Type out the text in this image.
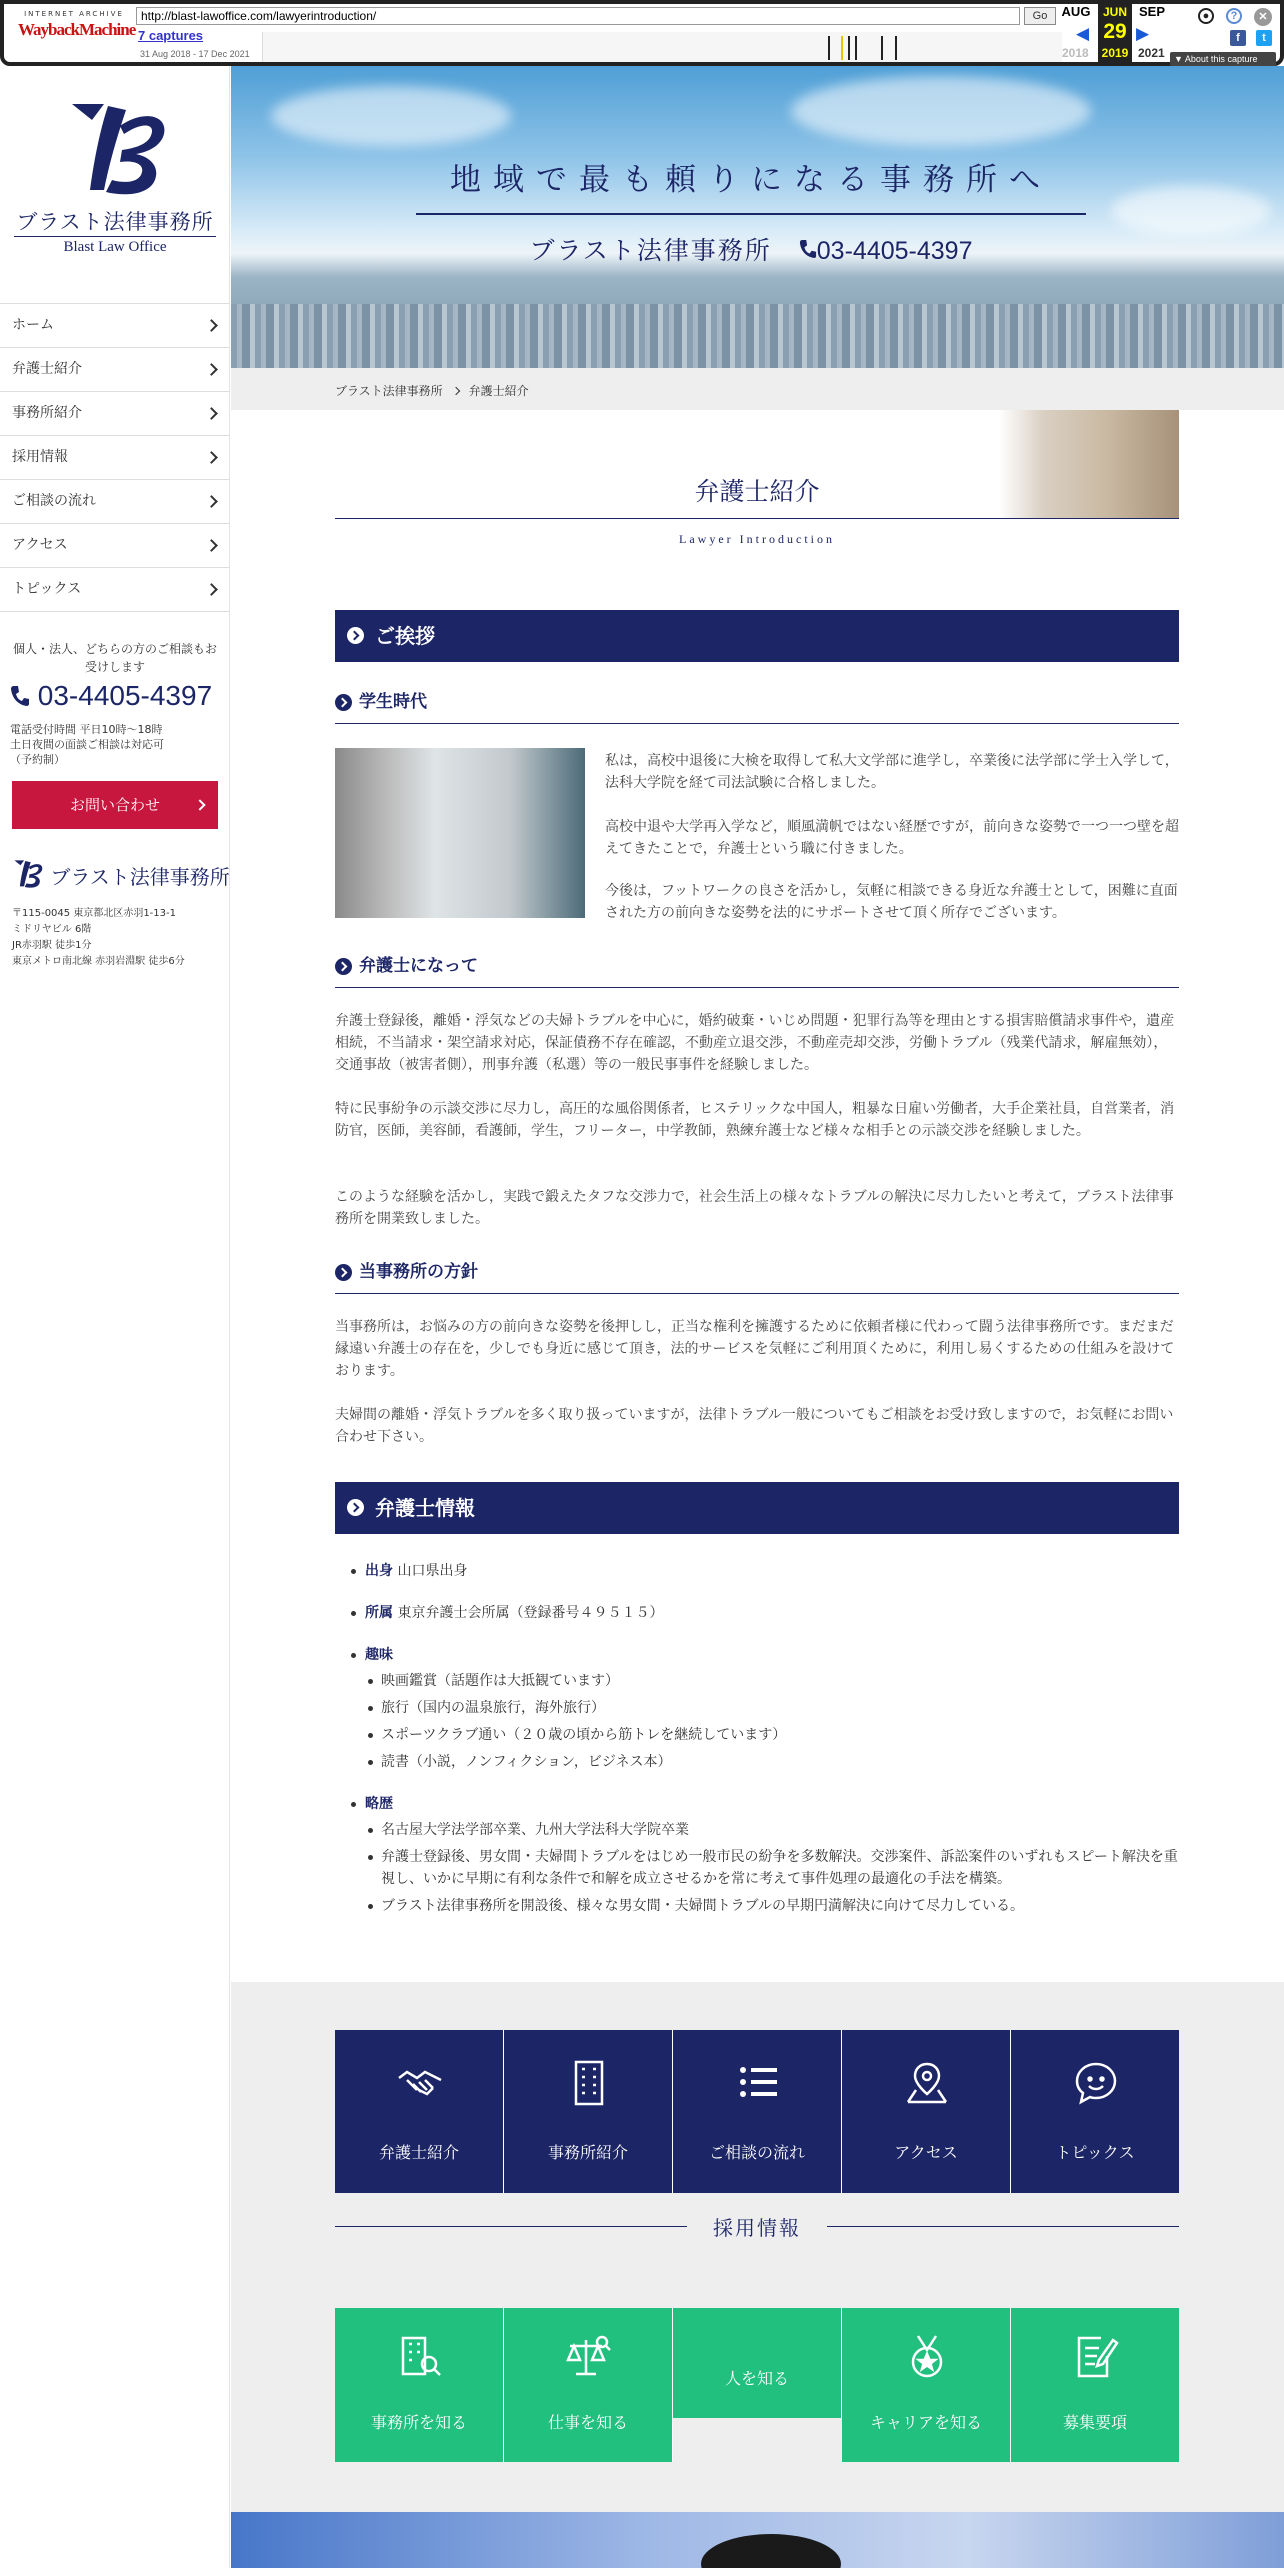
INTERNET ARCHIVE
WaybackMachine
http://blast-lawoffice.com/lawyerintroduction/	Go
7 captures
31 Aug 2018 - 17 Dec 2021
AUG	JUN
29
2019
SEP
2018	2021
◀	▶
▼ About this capture
●	?	✕
f	t
ブラスト法律事務所
Blast Law Office
ホーム
弁護士紹介
事務所紹介
採用情報
ご相談の流れ
アクセス
トピックス
個人・法人、どちらの方のご相談もお受けします
03-4405-4397
電話受付時間 平日10時～18時
土日夜間の面談ご相談は対応可
（予約制）
お問い合わせ
ブラスト法律事務所
〒115-0045 東京都北区赤羽1-13-1
ミドリヤビル 6階
JR赤羽駅 徒歩1分
東京メトロ南北線 赤羽岩淵駅 徒歩6分
地域で最も頼りになる事務所へ
ブラスト法律事務所　 03-4405-4397
ブラスト法律事務所 弁護士紹介
弁護士紹介
Lawyer Introduction
ご挨拶
学生時代
私は，高校中退後に大検を取得して私大文学部に進学し，卒業後に法学部に学士入学して，法科大学院を経て司法試験に合格しました。
高校中退や大学再入学など，順風満帆ではない経歴ですが，前向きな姿勢で一つ一つ壁を超えてきたことで，弁護士という職に付きました。
今後は，フットワークの良さを活かし，気軽に相談できる身近な弁護士として，困難に直面された方の前向きな姿勢を法的にサポートさせて頂く所存でございます。
弁護士になって
弁護士登録後，離婚・浮気などの夫婦トラブルを中心に，婚約破棄・いじめ問題・犯罪行為等を理由とする損害賠償請求事件や，遺産相続，不当請求・架空請求対応，保証債務不存在確認，不動産立退交渉，不動産売却交渉，労働トラブル（残業代請求，解雇無効），交通事故（被害者側），刑事弁護（私選）等の一般民事事件を経験しました。
特に民事紛争の示談交渉に尽力し，高圧的な風俗関係者，ヒステリックな中国人，粗暴な日雇い労働者，大手企業社員，自営業者，消防官，医師，美容師，看護師，学生，フリーター，中学教師，熟練弁護士など様々な相手との示談交渉を経験しました。
このような経験を活かし，実践で鍛えたタフな交渉力で，社会生活上の様々なトラブルの解決に尽力したいと考えて，ブラスト法律事務所を開業致しました。
当事務所の方針
当事務所は，お悩みの方の前向きな姿勢を後押しし，正当な権利を擁護するために依頼者様に代わって闘う法律事務所です。まだまだ縁遠い弁護士の存在を，少しでも身近に感じて頂き，法的サービスを気軽にご利用頂くために，利用し易くするための仕組みを設けております。
夫婦間の離婚・浮気トラブルを多く取り扱っていますが，法律トラブル一般についてもご相談をお受け致しますので，お気軽にお問い合わせ下さい。
弁護士情報
出身 山口県出身
所属 東京弁護士会所属（登録番号４９５１５）
趣味
映画鑑賞（話題作は大抵観ています）
旅行（国内の温泉旅行，海外旅行）
スポーツクラブ通い（２０歳の頃から筋トレを継続しています）
読書（小説，ノンフィクション，ビジネス本）
略歴
名古屋大学法学部卒業、九州大学法科大学院卒業
弁護士登録後、男女間・夫婦間トラブルをはじめ一般市民の紛争を多数解決。交渉案件、訴訟案件のいずれもスピート解決を重視し、いかに早期に有利な条件で和解を成立させるかを常に考えて事件処理の最適化の手法を構築。
ブラスト法律事務所を開設後、様々な男女間・夫婦間トラブルの早期円満解決に向けて尽力している。
弁護士紹介	事務所紹介	ご相談の流れ	アクセス	トピックス
採用情報
事務所を知る	仕事を知る
人を知る
キャリアを知る	募集要項
